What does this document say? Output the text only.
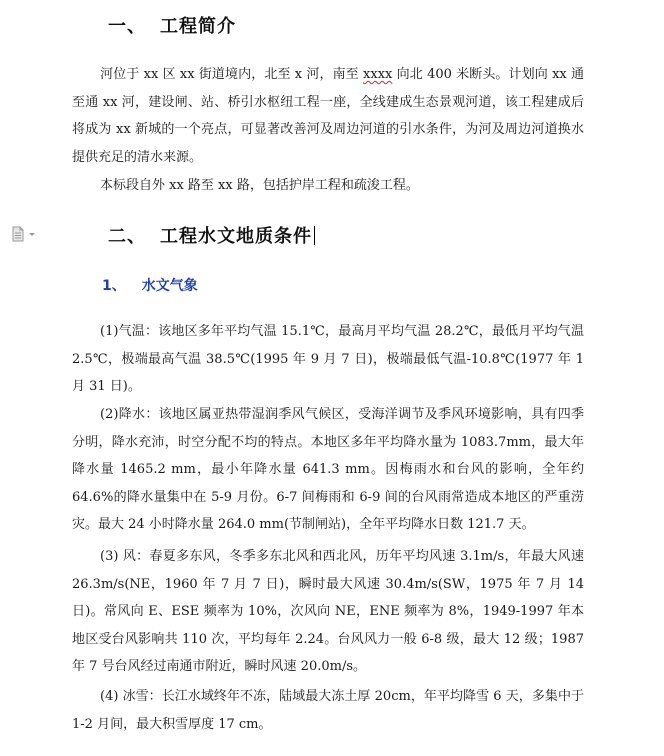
一、 工程简介
河位于 xx 区 xx 街道境内，北至 x 河，南至 xxxx 向北 400 米断头。计划向 xx 通至通 xx 河，建设闸、站、桥引水枢纽工程一座，全线建成生态景观河道，该工程建成后将成为 xx 新城的一个亮点，可显著改善河及周边河道的引水条件，为河及周边河道换水提供充足的清水来源。
本标段自外 xx 路至 xx 路，包括护岸工程和疏浚工程。
二、 工程水文地质条件
1、 水文气象
(1)气温：该地区多年平均气温 15.1℃，最高月平均气温 28.2℃，最低月平均气温 2.5℃，极端最高气温 38.5℃(1995 年 9 月 7 日)，极端最低气温-10.8℃(1977 年 1 月 31 日)。
(2)降水：该地区属亚热带湿润季风气候区，受海洋调节及季风环境影响，具有四季分明，降水充沛，时空分配不均的特点。本地区多年平均降水量为 1083.7mm，最大年降水量 1465.2 mm，最小年降水量 641.3 mm。因梅雨水和台风的影响，全年约 64.6%的降水量集中在 5-9 月份。6-7 间梅雨和 6-9 间的台风雨常造成本地区的严重涝灾。最大 24 小时降水量 264.0 mm(节制闸站)，全年平均降水日数 121.7 天。
(3) 风：春夏多东风，冬季多东北风和西北风，历年平均风速 3.1m/s，年最大风速 26.3m/s(NE，1960 年 7 月 7 日)，瞬时最大风速 30.4m/s(SW，1975 年 7 月 14 日)。常风向 E、ESE 频率为 10%，次风向 NE，ENE 频率为 8%，1949-1997 年本地区受台风影响共 110 次，平均每年 2.24。台风风力一般 6-8 级，最大 12 级；1987 年 7 号台风经过南通市附近，瞬时风速 20.0m/s。
(4) 冰雪：长江水域终年不冻，陆域最大冻土厚 20cm，年平均降雪 6 天，多集中于 1-2 月间，最大积雪厚度 17 cm。
